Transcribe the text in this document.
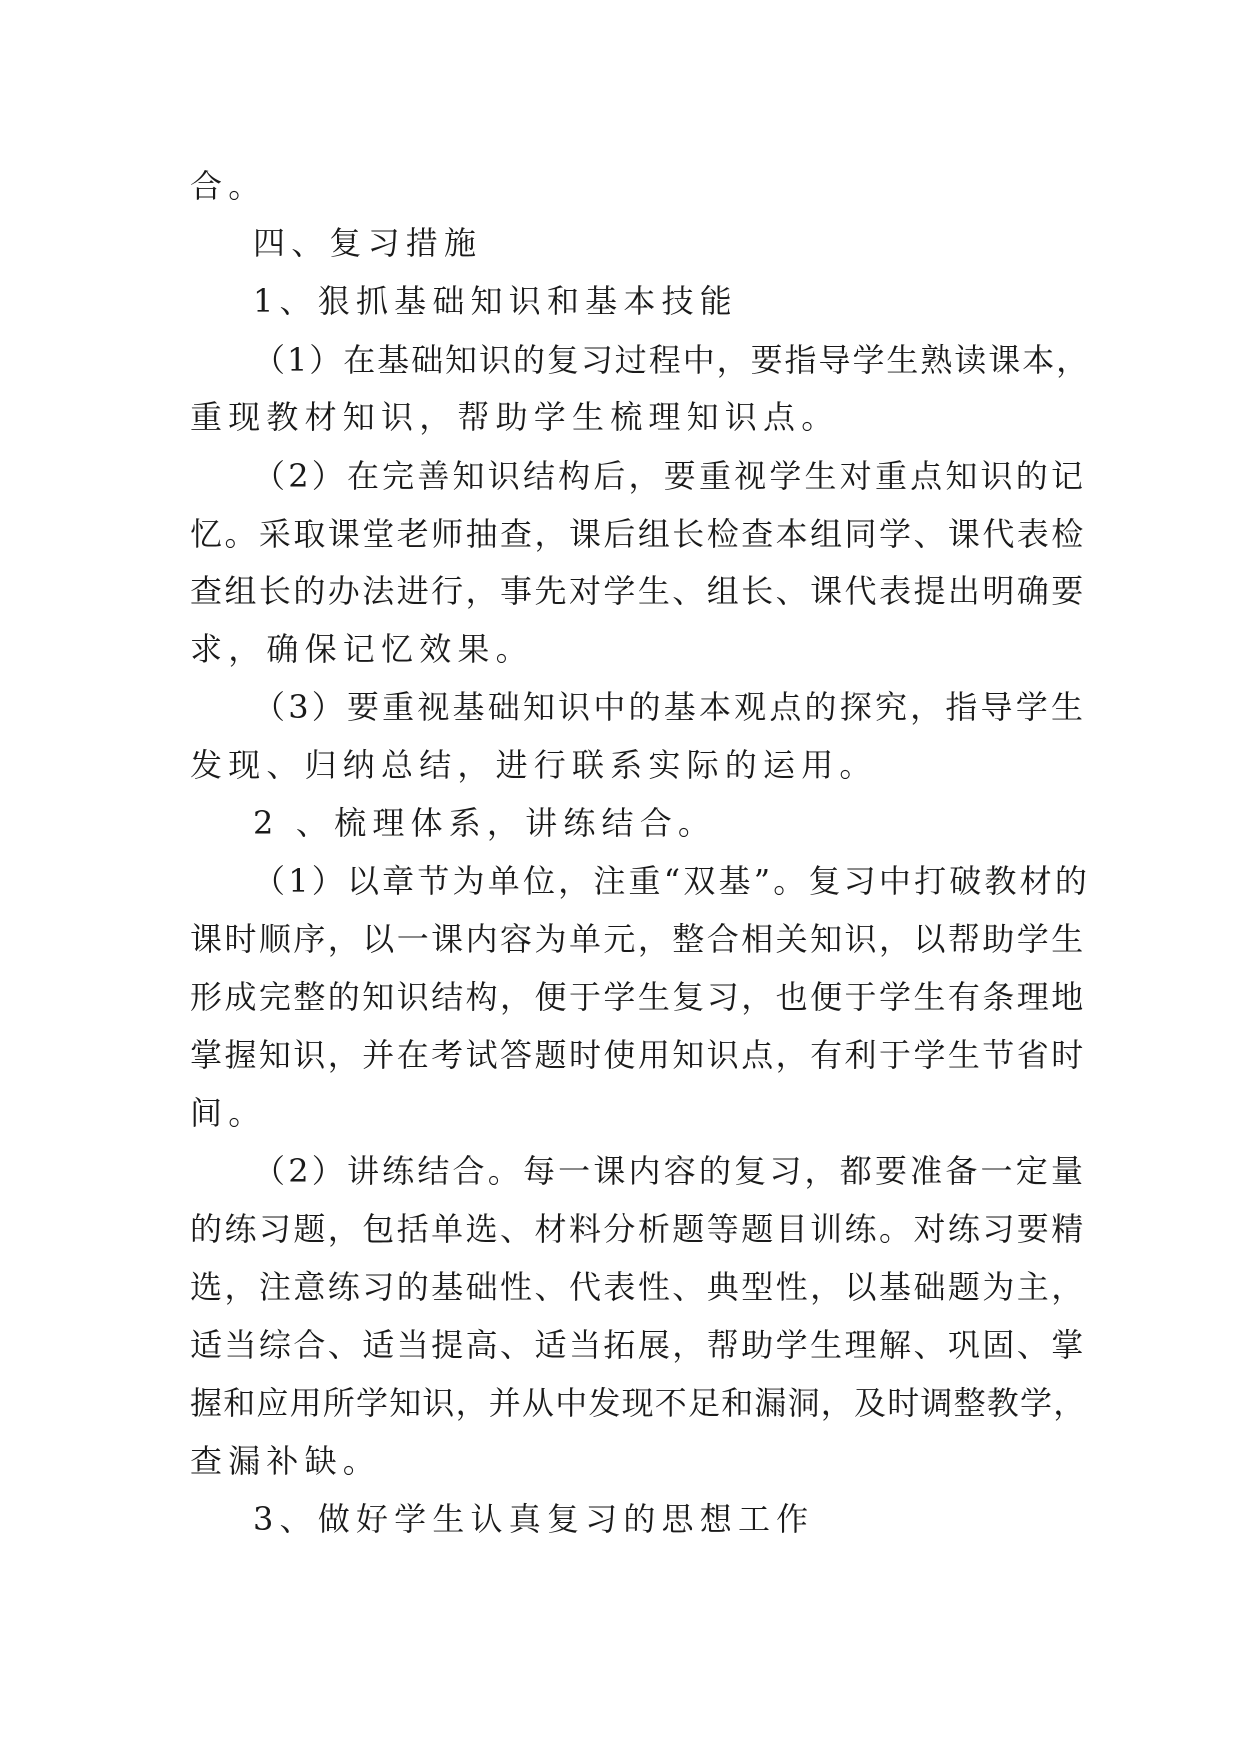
合。
四、复习措施
1、狠抓基础知识和基本技能
（1）在基础知识的复习过程中，要指导学生熟读课本，
重现教材知识，帮助学生梳理知识点。
（2）在完善知识结构后，要重视学生对重点知识的记
忆。采取课堂老师抽查，课后组长检查本组同学、课代表检
查组长的办法进行，事先对学生、组长、课代表提出明确要
求，确保记忆效果。
（3）要重视基础知识中的基本观点的探究，指导学生
发现、归纳总结，进行联系实际的运用。
2 、梳理体系，讲练结合。
（1）以章节为单位，注重“双基”。复习中打破教材的
课时顺序，以一课内容为单元，整合相关知识，以帮助学生
形成完整的知识结构，便于学生复习，也便于学生有条理地
掌握知识，并在考试答题时使用知识点，有利于学生节省时
间。
（2）讲练结合。每一课内容的复习，都要准备一定量
的练习题，包括单选、材料分析题等题目训练。对练习要精
选，注意练习的基础性、代表性、典型性，以基础题为主，
适当综合、适当提高、适当拓展，帮助学生理解、巩固、掌
握和应用所学知识，并从中发现不足和漏洞，及时调整教学，
查漏补缺。
3、做好学生认真复习的思想工作
